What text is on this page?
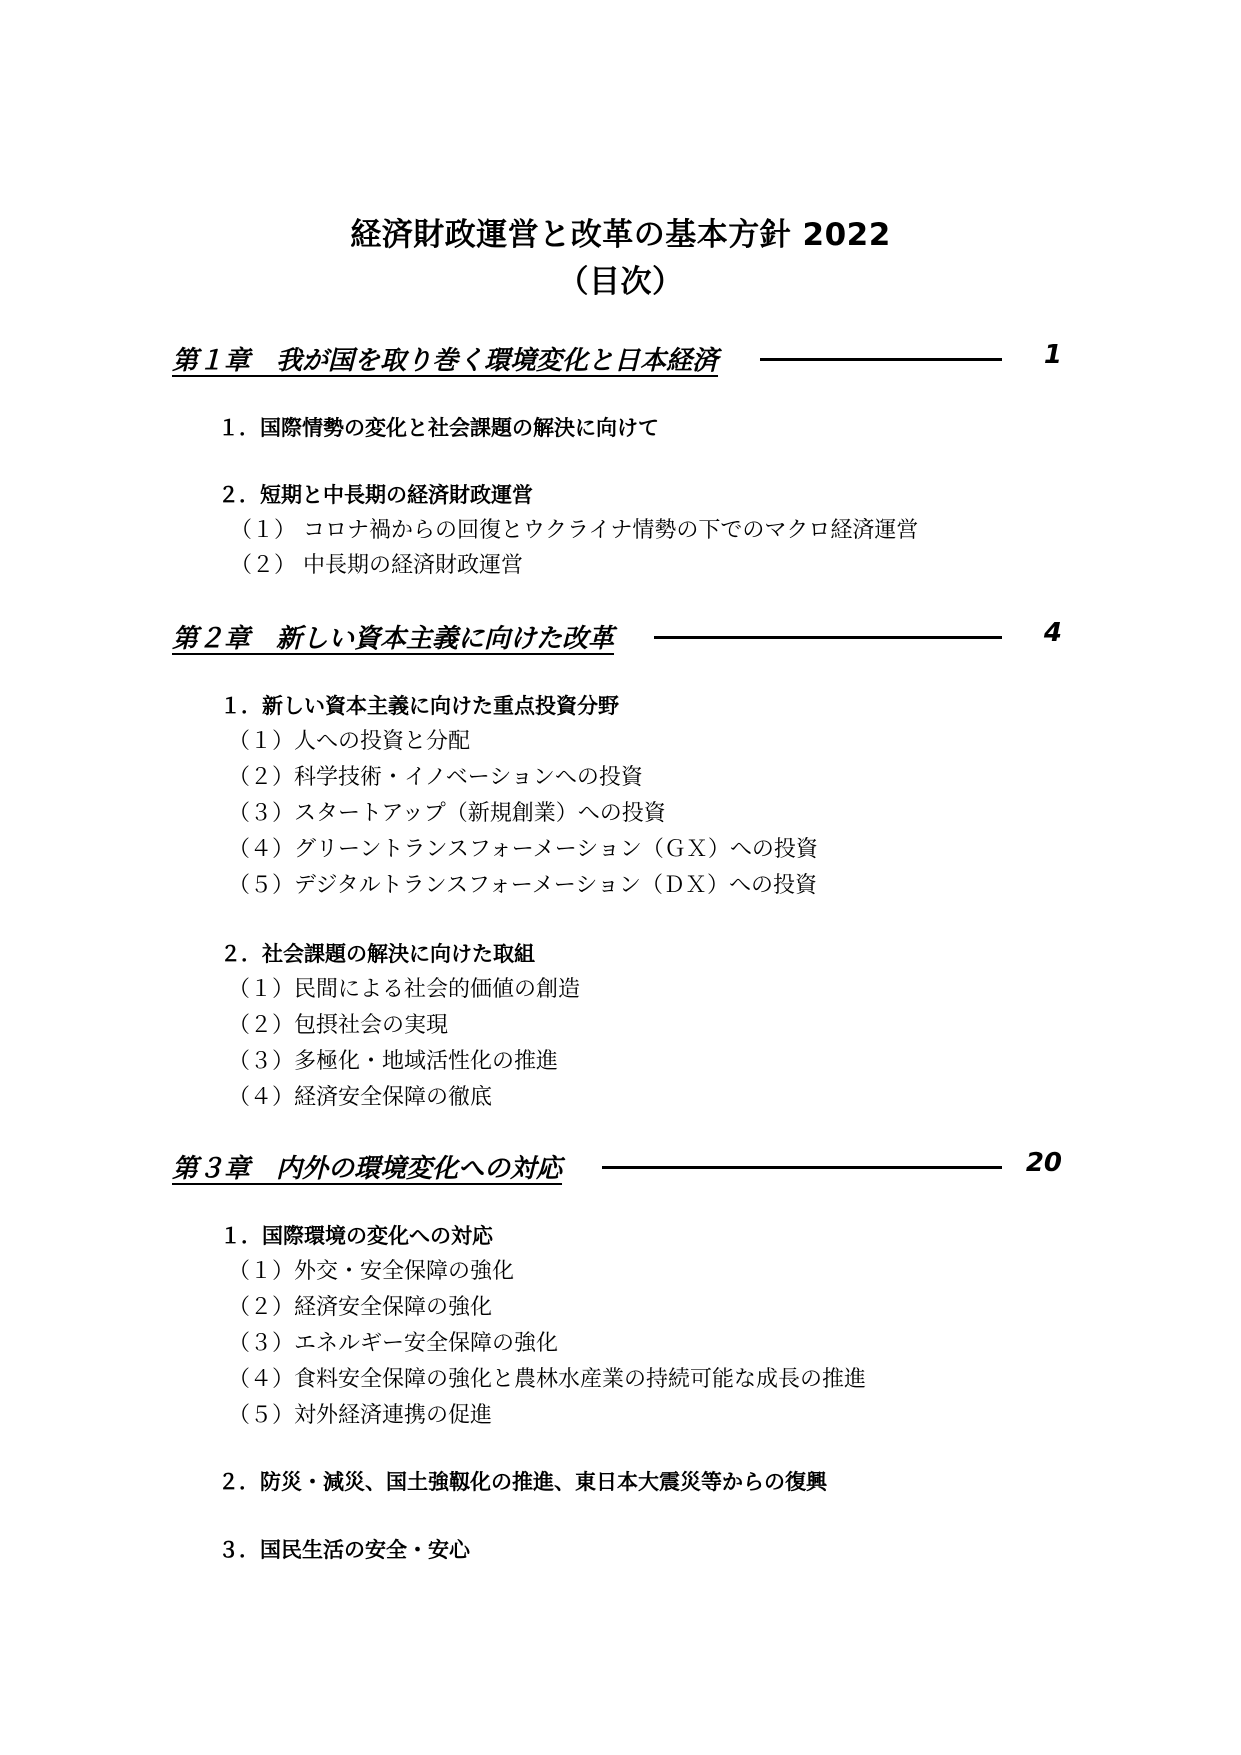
経済財政運営と改革の基本方針 2022
（目次）
第１章　我が国を取り巻く環境変化と日本経済	1
１．国際情勢の変化と社会課題の解決に向けて
２．短期と中長期の経済財政運営
（１） コロナ禍からの回復とウクライナ情勢の下でのマクロ経済運営
（２） 中長期の経済財政運営
第２章　新しい資本主義に向けた改革	4
１．新しい資本主義に向けた重点投資分野
（１）人への投資と分配
（２）科学技術・イノベーションへの投資
（３）スタートアップ（新規創業）への投資
（４）グリーントランスフォーメーション（ＧＸ）への投資
（５）デジタルトランスフォーメーション（ＤＸ）への投資
２．社会課題の解決に向けた取組
（１）民間による社会的価値の創造
（２）包摂社会の実現
（３）多極化・地域活性化の推進
（４）経済安全保障の徹底
第３章　内外の環境変化への対応	20
１．国際環境の変化への対応
（１）外交・安全保障の強化
（２）経済安全保障の強化
（３）エネルギー安全保障の強化
（４）食料安全保障の強化と農林水産業の持続可能な成長の推進
（５）対外経済連携の促進
２．防災・減災、国土強靱化の推進、東日本大震災等からの復興
３．国民生活の安全・安心
